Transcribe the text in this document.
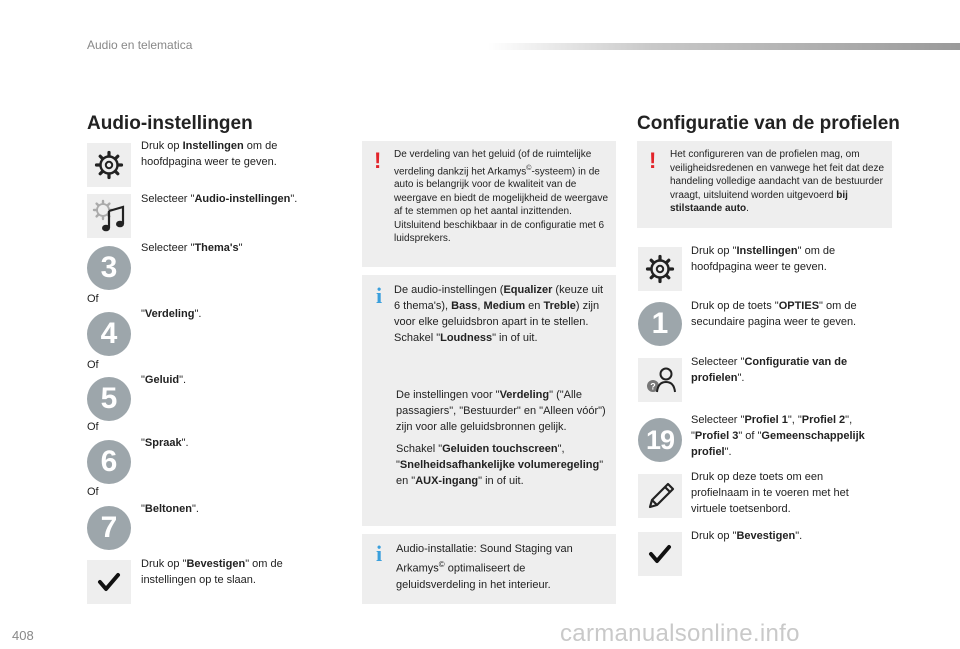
Audio en telematica
Audio-instellingen
Druk op Instellingen om de hoofdpagina weer te geven.
Selecteer "Audio-instellingen".
3
Selecteer "Thema's"
Of
4
"Verdeling".
Of
5
"Geluid".
Of
6
"Spraak".
Of
7
"Beltonen".
Druk op "Bevestigen" om de instellingen op te slaan.
! De verdeling van het geluid (of de ruimtelijke verdeling dankzij het Arkamys©-systeem) in de auto is belangrijk voor de kwaliteit van de weergave en biedt de mogelijkheid de weergave af te stemmen op het aantal inzittenden.

Uitsluitend beschikbaar in de configuratie met 6 luidsprekers.

i De audio-instellingen (Equalizer (keuze uit 6 thema's), Bass, Medium en Treble) zijn voor elke geluidsbron apart in te stellen.

Schakel "Loudness" in of uit.

De instellingen voor "Verdeling" ("Alle passagiers", "Bestuurder" en "Alleen vóór") zijn voor alle geluidsbronnen gelijk.

Schakel "Geluiden touchscreen", "Snelheidsafhankelijke volumeregeling" en "AUX-ingang" in of uit.

i Audio-installatie: Sound Staging van Arkamys© optimaliseert de geluidsverdeling in het interieur.

Configuratie van de profielen
! Het configureren van de profielen mag, om veiligheidsredenen en vanwege het feit dat deze handeling volledige aandacht van de bestuurder vraagt, uitsluitend worden uitgevoerd bij stilstaande auto.

Druk op "Instellingen" om de hoofdpagina weer te geven.
1
Druk op de toets "OPTIES" om de secundaire pagina weer te geven.
?
Selecteer "Configuratie van de profielen".
19
Selecteer "Profiel 1", "Profiel 2", "Profiel 3" of "Gemeenschappelijk profiel".
Druk op deze toets om een profielnaam in te voeren met het virtuele toetsenbord.
Druk op "Bevestigen".
408	carmanualsonline.info
